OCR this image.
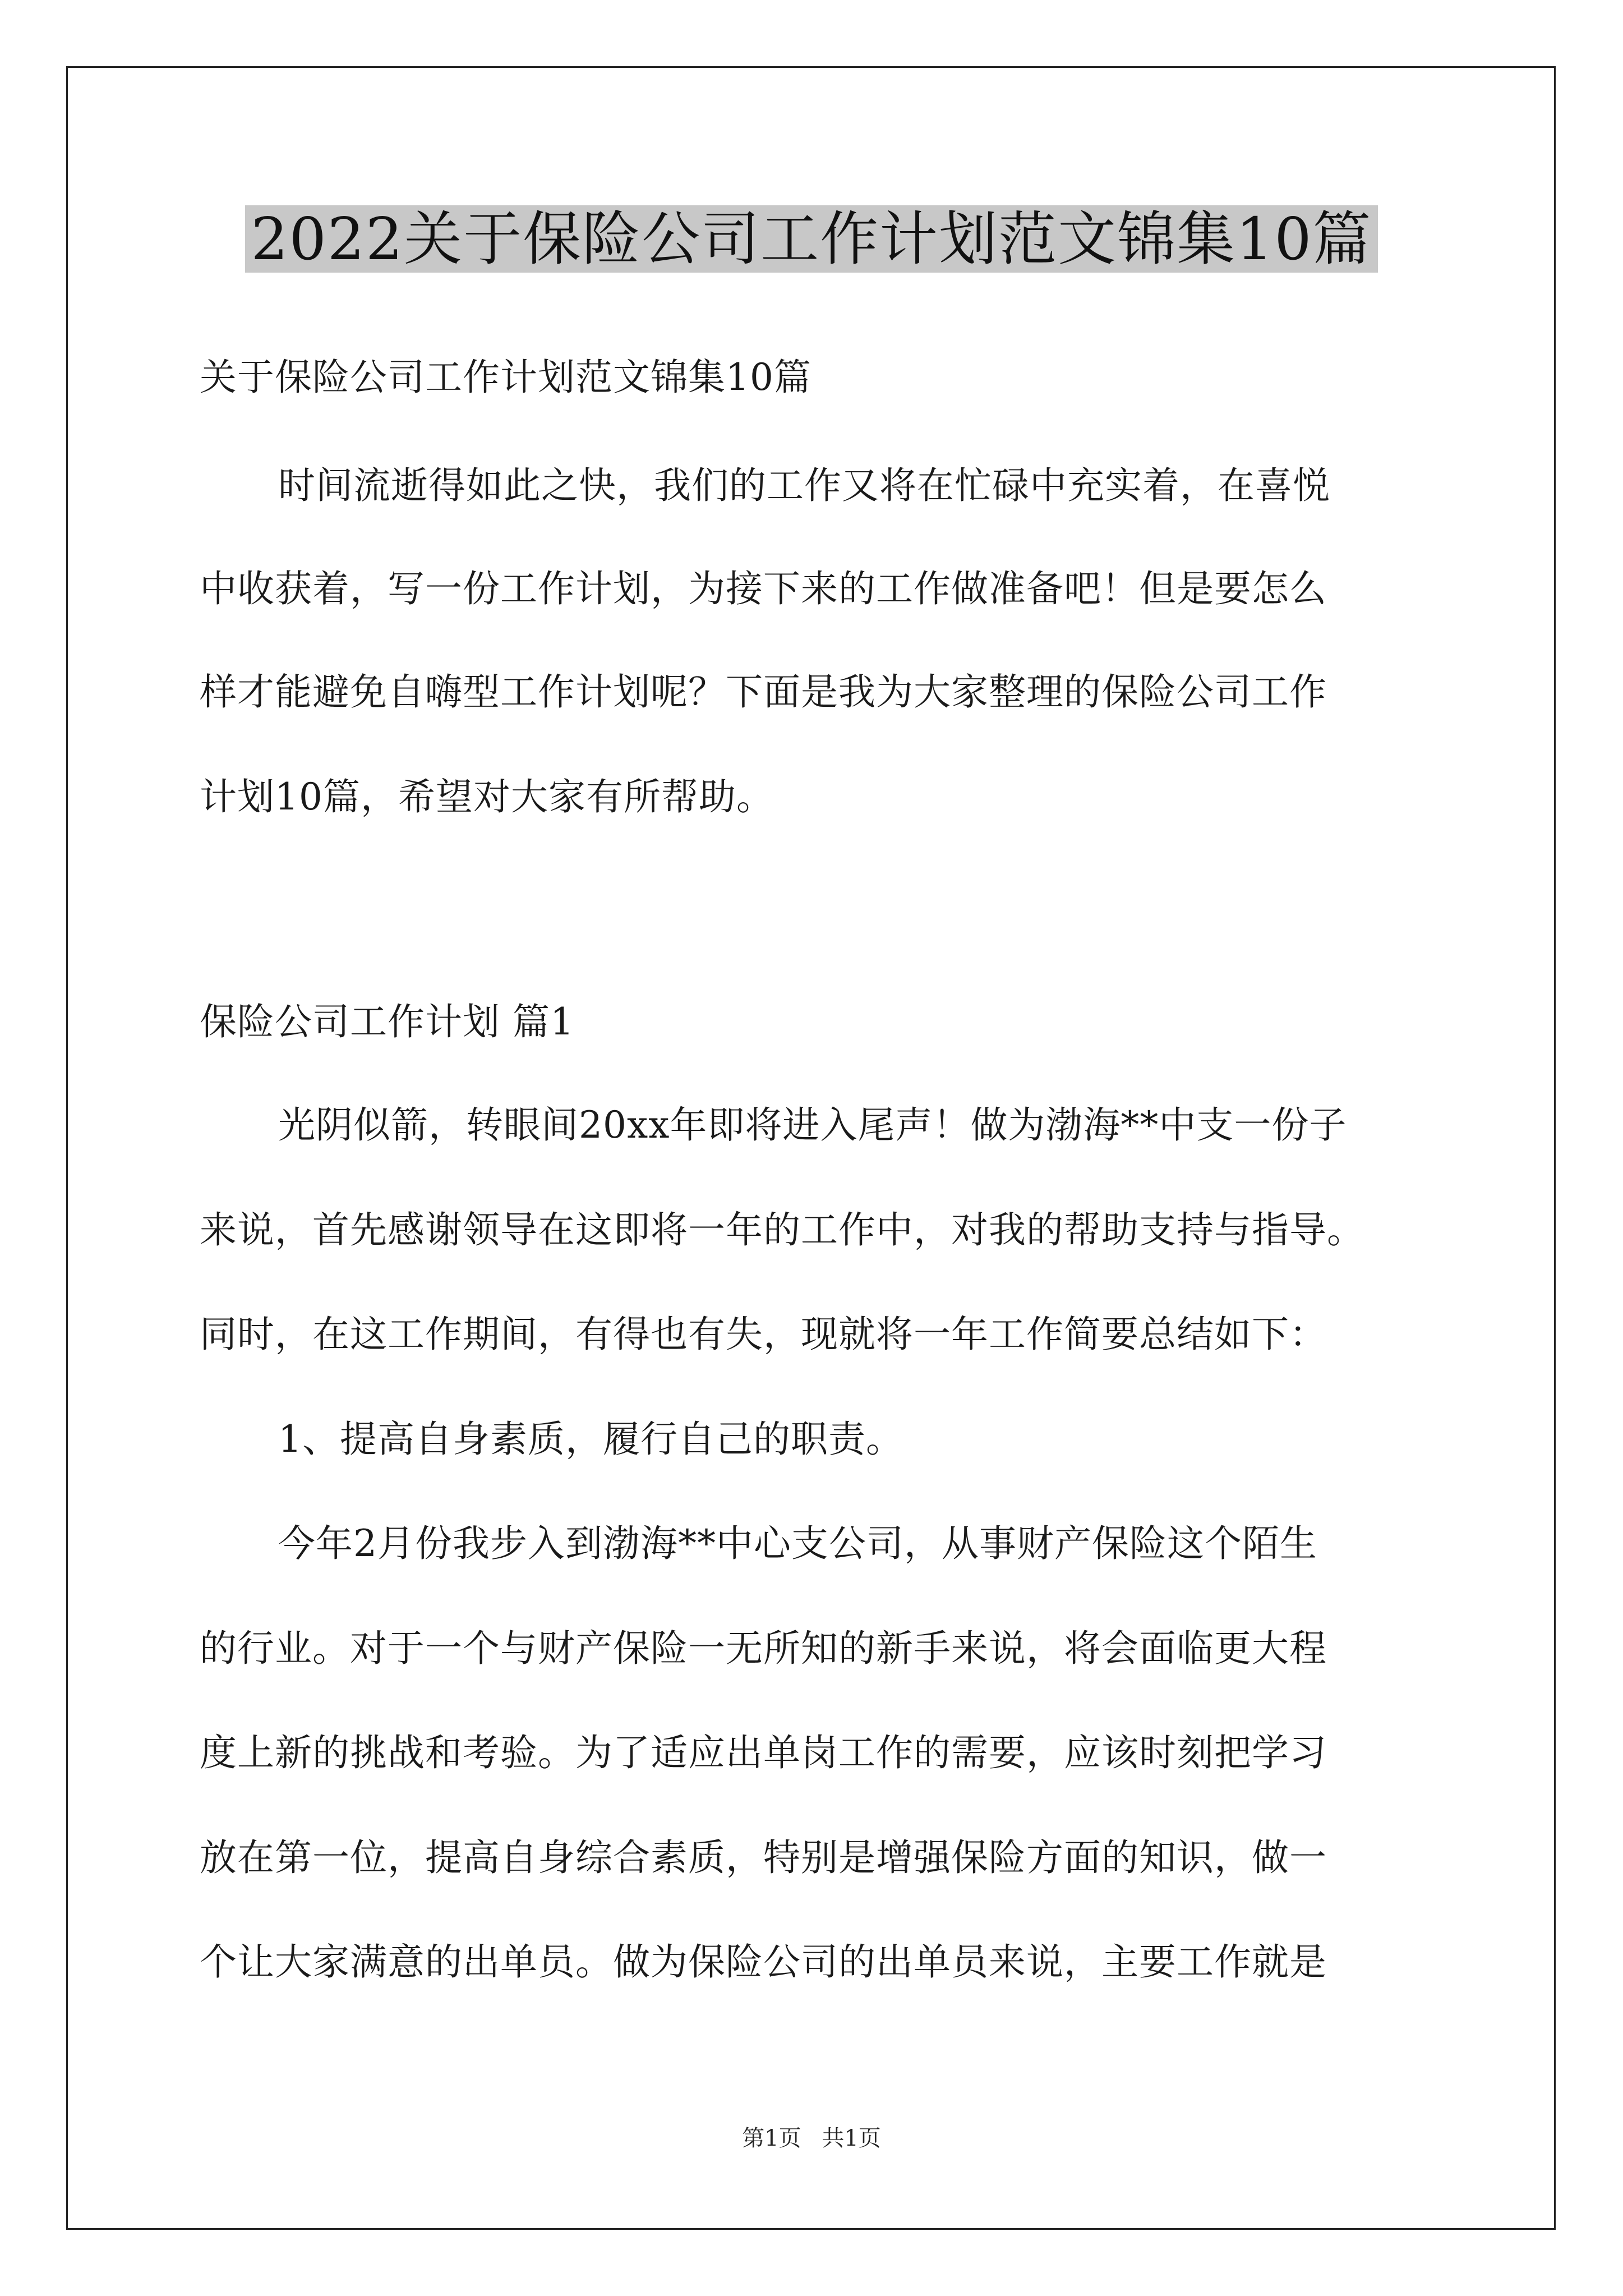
2022关于保险公司工作计划范文锦集10篇
关于保险公司工作计划范文锦集10篇
时间流逝得如此之快，我们的工作又将在忙碌中充实着，在喜悦
中收获着，写一份工作计划，为接下来的工作做准备吧！但是要怎么
样才能避免自嗨型工作计划呢？下面是我为大家整理的保险公司工作
计划10篇，希望对大家有所帮助。
保险公司工作计划 篇1
光阴似箭，转眼间20xx年即将进入尾声！做为渤海**中支一份子
来说，首先感谢领导在这即将一年的工作中，对我的帮助支持与指导。
同时，在这工作期间，有得也有失，现就将一年工作简要总结如下：
1、提高自身素质，履行自己的职责。
今年2月份我步入到渤海**中心支公司，从事财产保险这个陌生
的行业。对于一个与财产保险一无所知的新手来说，将会面临更大程
度上新的挑战和考验。为了适应出单岗工作的需要，应该时刻把学习
放在第一位，提高自身综合素质，特别是增强保险方面的知识，做一
个让大家满意的出单员。做为保险公司的出单员来说，主要工作就是
第1页 共1页
